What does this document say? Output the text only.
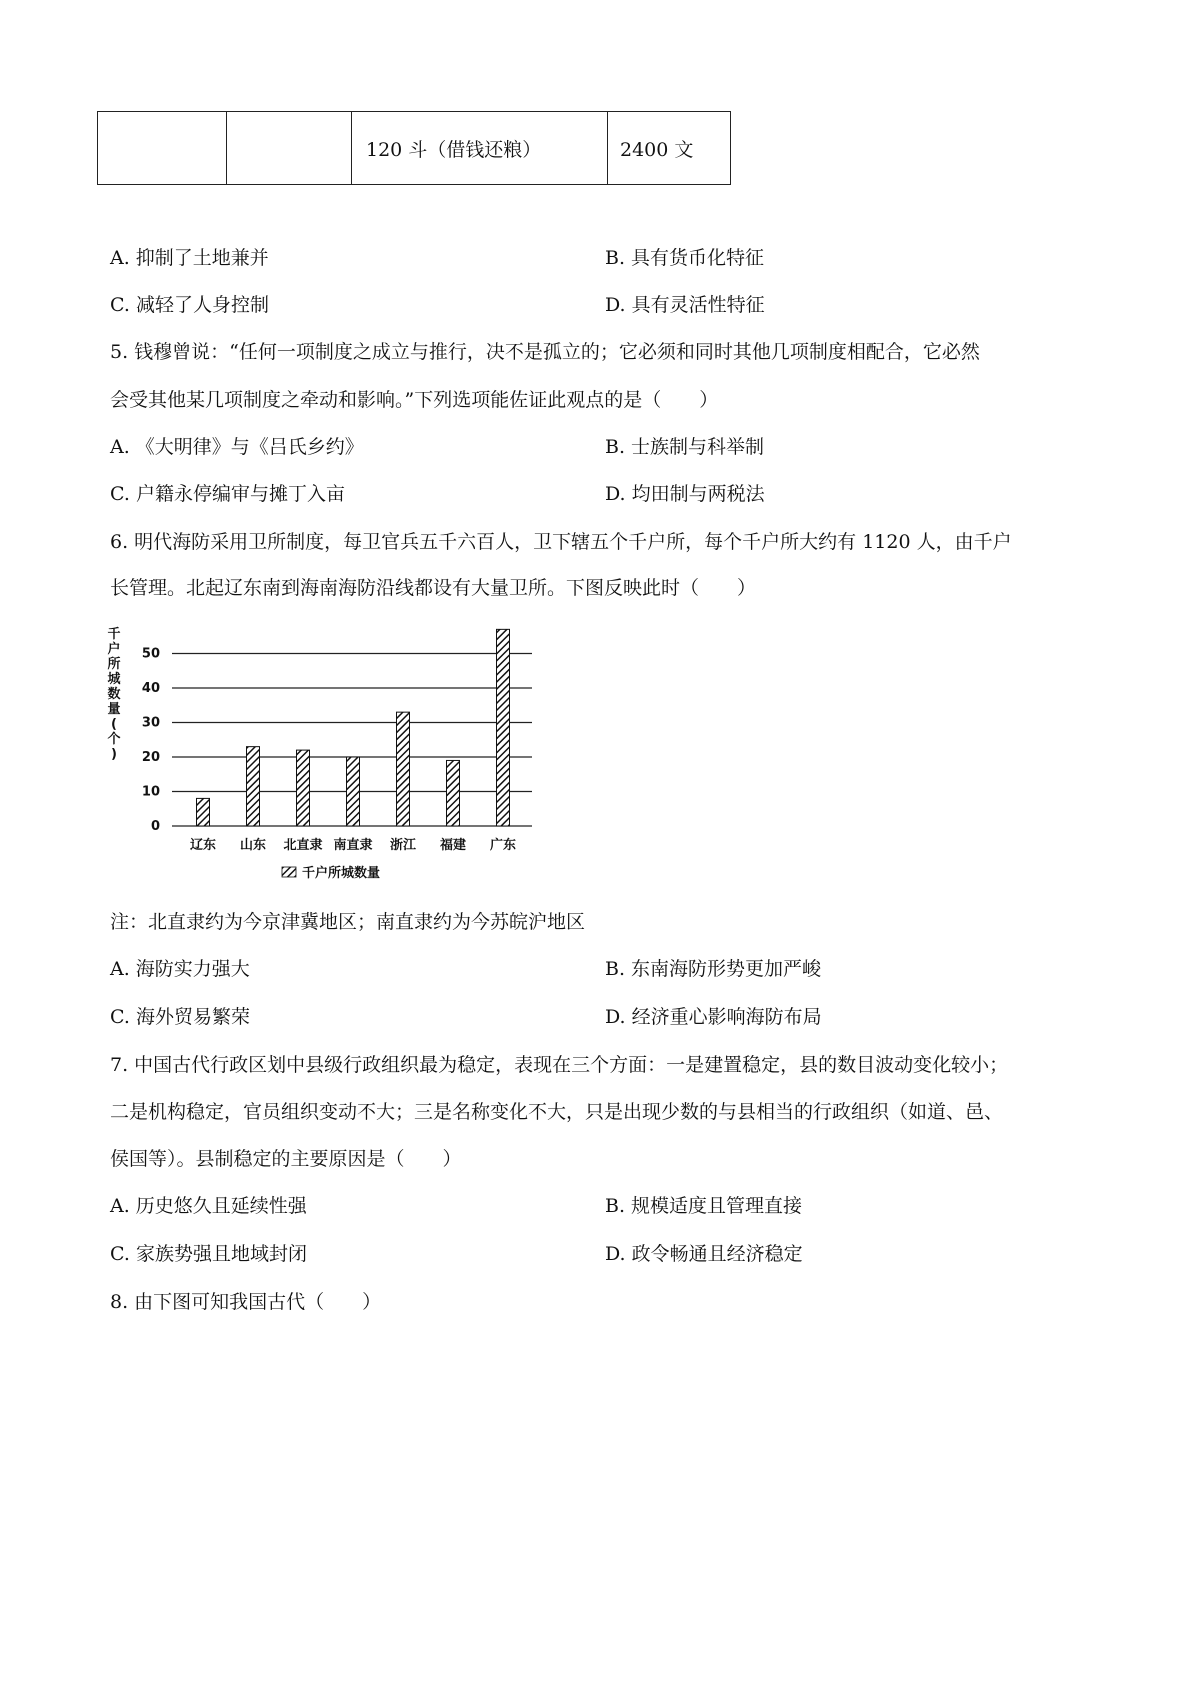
		120 斗（借钱还粮）	2400 文
A. 抑制了土地兼并	B. 具有货币化特征
C. 减轻了人身控制	D. 具有灵活性特征
5. 钱穆曾说：“任何一项制度之成立与推行，决不是孤立的；它必须和同时其他几项制度相配合，它必然
会受其他某几项制度之牵动和影响。”下列选项能佐证此观点的是（　　）
A. 《大明律》与《吕氏乡约》	B. 士族制与科举制
C. 户籍永停编审与摊丁入亩	D. 均田制与两税法
6. 明代海防采用卫所制度，每卫官兵五千六百人，卫下辖五个千户所，每个千户所大约有 1120 人，由千户
长管理。北起辽东南到海南海防沿线都设有大量卫所。下图反映此时（　　）
千
户
所
城
数
量
(
个
)
0
10
20
30
40
50
辽东 山东 北直隶 南直隶 浙江 福建 广东
千户所城数量
注：北直隶约为今京津冀地区；南直隶约为今苏皖沪地区
A. 海防实力强大	B. 东南海防形势更加严峻
C. 海外贸易繁荣	D. 经济重心影响海防布局
7. 中国古代行政区划中县级行政组织最为稳定，表现在三个方面：一是建置稳定，县的数目波动变化较小；
二是机构稳定，官员组织变动不大；三是名称变化不大，只是出现少数的与县相当的行政组织（如道、邑、
侯国等）。县制稳定的主要原因是（　　）
A. 历史悠久且延续性强	B. 规模适度且管理直接
C. 家族势强且地域封闭	D. 政令畅通且经济稳定
8. 由下图可知我国古代（　　）
